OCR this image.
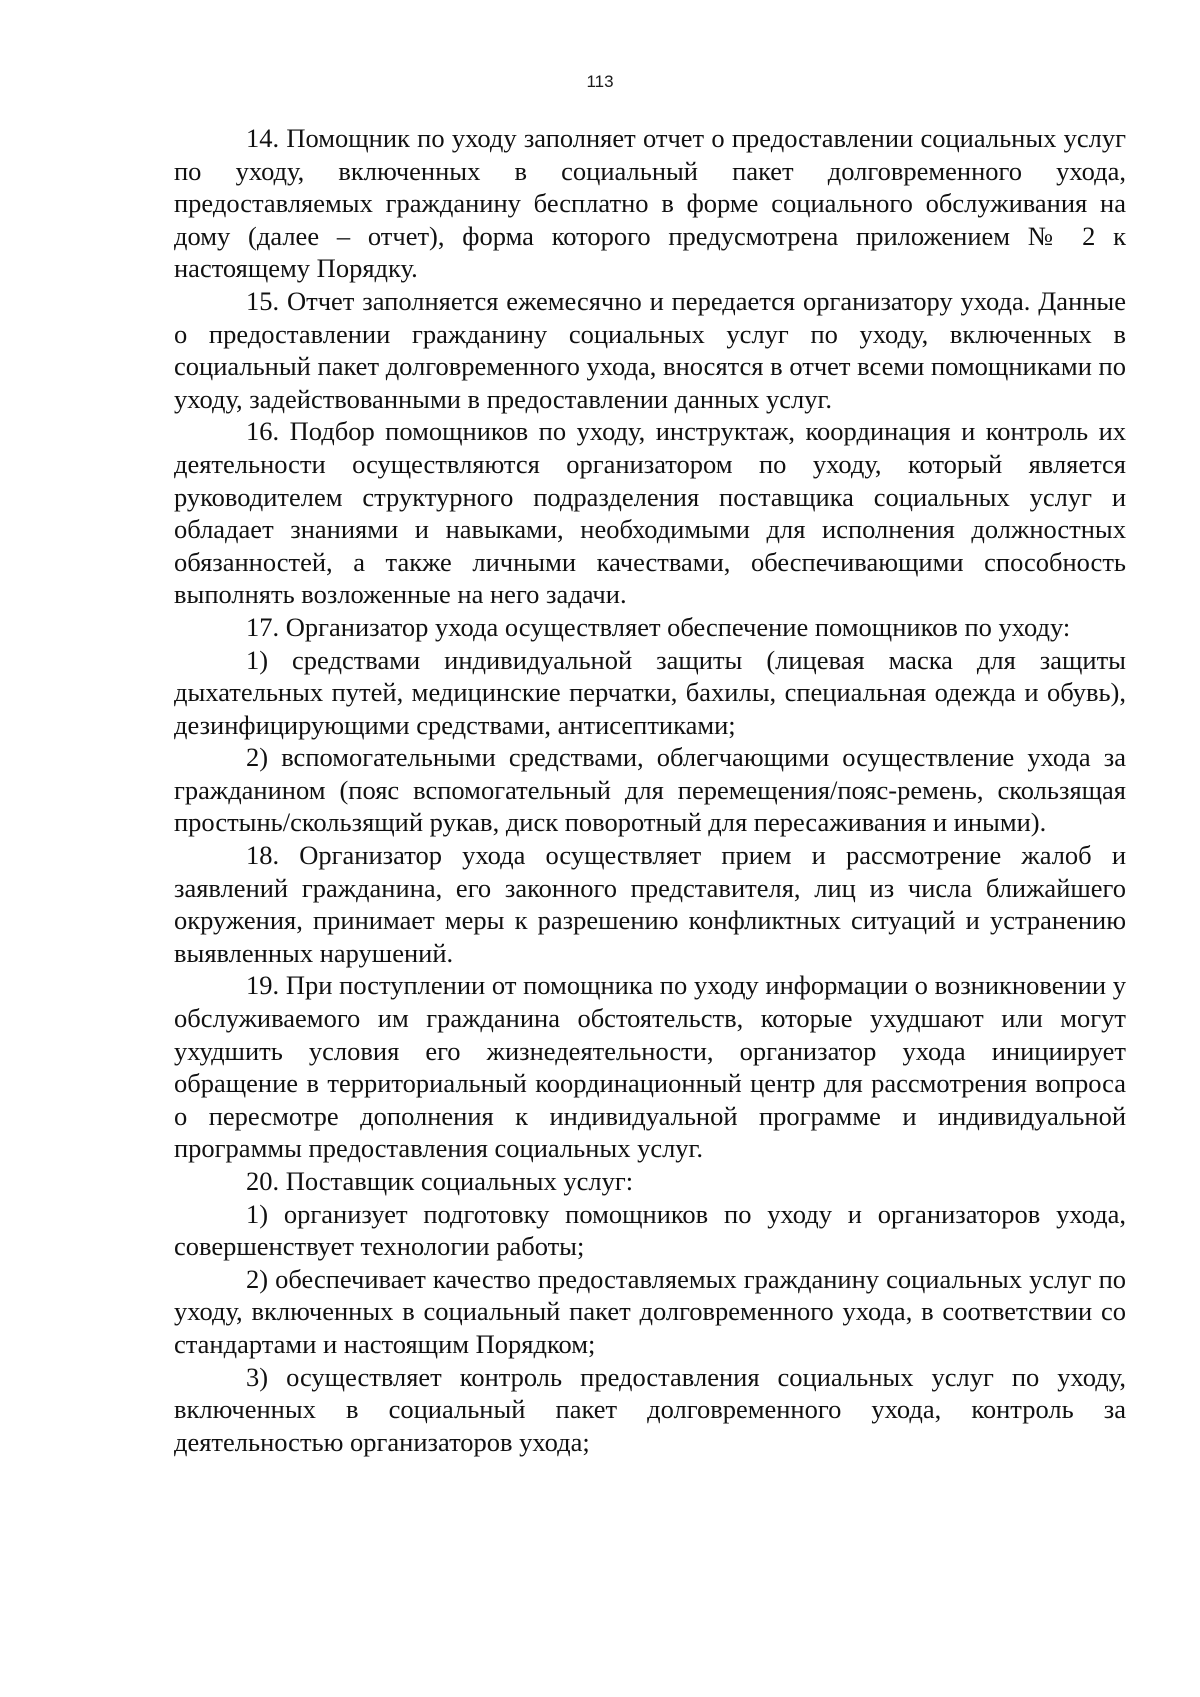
113

14. Помощник по уходу заполняет отчет о предоставлении социальных услуг по уходу, включенных в социальный пакет долговременного ухода, предоставляемых гражданину бесплатно в форме социального обслуживания на дому (далее – отчет), форма которого предусмотрена приложением № 2 к настоящему Порядку.

15. Отчет заполняется ежемесячно и передается организатору ухода. Данные о предоставлении гражданину социальных услуг по уходу, включенных в социальный пакет долговременного ухода, вносятся в отчет всеми помощниками по уходу, задействованными в предоставлении данных услуг.

16. Подбор помощников по уходу, инструктаж, координация и контроль их деятельности осуществляются организатором по уходу, который является руководителем структурного подразделения поставщика социальных услуг и обладает знаниями и навыками, необходимыми для исполнения должностных обязанностей, а также личными качествами, обеспечивающими способность выполнять возложенные на него задачи.

17. Организатор ухода осуществляет обеспечение помощников по уходу:

1) средствами индивидуальной защиты (лицевая маска для защиты дыхательных путей, медицинские перчатки, бахилы, специальная одежда и обувь), дезинфицирующими средствами, антисептиками;

2) вспомогательными средствами, облегчающими осуществление ухода за гражданином (пояс вспомогательный для перемещения/пояс-ремень, скользящая простынь/скользящий рукав, диск поворотный для пересаживания и иными).

18. Организатор ухода осуществляет прием и рассмотрение жалоб и заявлений гражданина, его законного представителя, лиц из числа ближайшего окружения, принимает меры к разрешению конфликтных ситуаций и устранению выявленных нарушений.

19. При поступлении от помощника по уходу информации о возникновении у обслуживаемого им гражданина обстоятельств, которые ухудшают или могут ухудшить условия его жизнедеятельности, организатор ухода инициирует обращение в территориальный координационный центр для рассмотрения вопроса о пересмотре дополнения к индивидуальной программе и индивидуальной программы предоставления социальных услуг.

20. Поставщик социальных услуг:

1) организует подготовку помощников по уходу и организаторов ухода, совершенствует технологии работы;

2) обеспечивает качество предоставляемых гражданину социальных услуг по уходу, включенных в социальный пакет долговременного ухода, в соответствии со стандартами и настоящим Порядком;

3) осуществляет контроль предоставления социальных услуг по уходу, включенных в социальный пакет долговременного ухода, контроль за деятельностью организаторов ухода;
